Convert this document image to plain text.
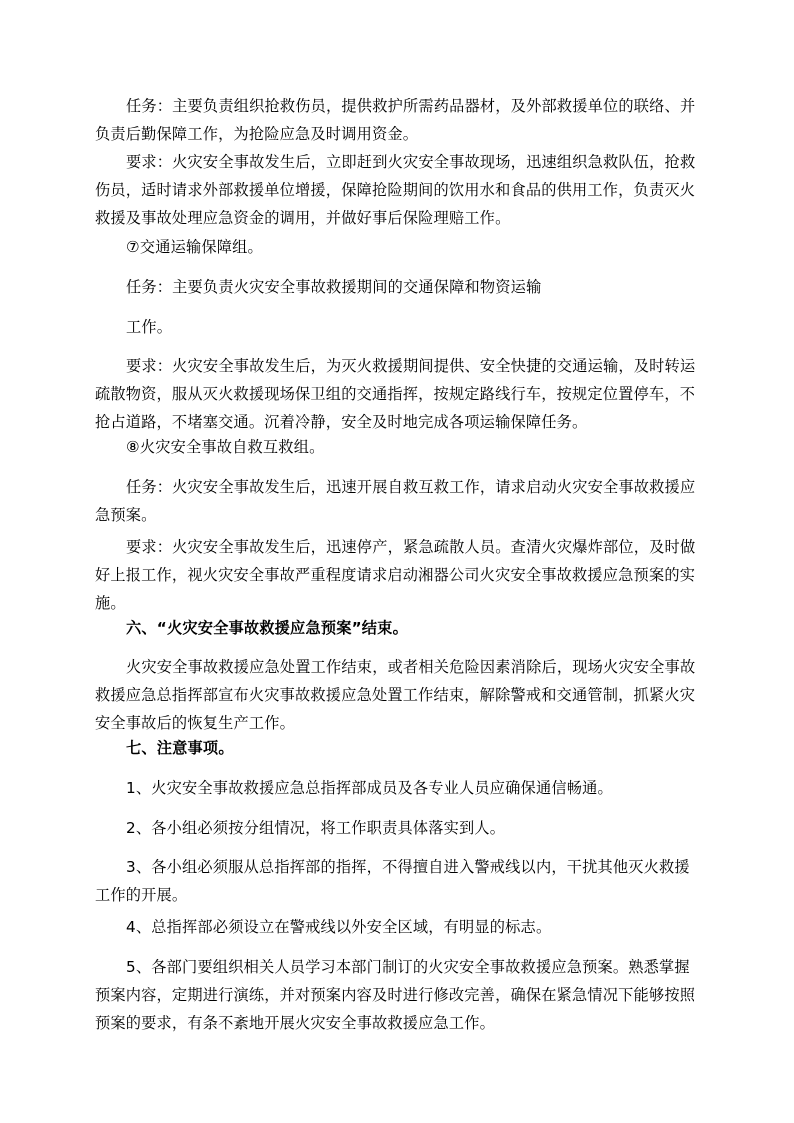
任务：主要负责组织抢救伤员，提供救护所需药品器材，及外部救援单位的联络、并负责后勤保障工作，为抢险应急及时调用资金。

要求：火灾安全事故发生后，立即赶到火灾安全事故现场，迅速组织急救队伍，抢救伤员，适时请求外部救援单位增援，保障抢险期间的饮用水和食品的供用工作，负责灭火救援及事故处理应急资金的调用，并做好事后保险理赔工作。

⑦交通运输保障组。

任务：主要负责火灾安全事故救援期间的交通保障和物资运输

工作。

要求：火灾安全事故发生后，为灭火救援期间提供、安全快捷的交通运输，及时转运疏散物资，服从灭火救援现场保卫组的交通指挥，按规定路线行车，按规定位置停车，不抢占道路，不堵塞交通。沉着冷静，安全及时地完成各项运输保障任务。

⑧火灾安全事故自救互救组。

任务：火灾安全事故发生后，迅速开展自救互救工作，请求启动火灾安全事故救援应急预案。

要求：火灾安全事故发生后，迅速停产，紧急疏散人员。查清火灾爆炸部位，及时做好上报工作，视火灾安全事故严重程度请求启动湘器公司火灾安全事故救援应急预案的实施。

六、“火灾安全事故救援应急预案”结束。

火灾安全事故救援应急处置工作结束，或者相关危险因素消除后，现场火灾安全事故救援应急总指挥部宣布火灾事故救援应急处置工作结束，解除警戒和交通管制，抓紧火灾安全事故后的恢复生产工作。

七、注意事项。

1、火灾安全事故救援应急总指挥部成员及各专业人员应确保通信畅通。

2、各小组必须按分组情况，将工作职责具体落实到人。

3、各小组必须服从总指挥部的指挥，不得擅自进入警戒线以内，干扰其他灭火救援工作的开展。

4、总指挥部必须设立在警戒线以外安全区域，有明显的标志。

5、各部门要组织相关人员学习本部门制订的火灾安全事故救援应急预案。熟悉掌握预案内容，定期进行演练，并对预案内容及时进行修改完善，确保在紧急情况下能够按照预案的要求，有条不紊地开展火灾安全事故救援应急工作。
